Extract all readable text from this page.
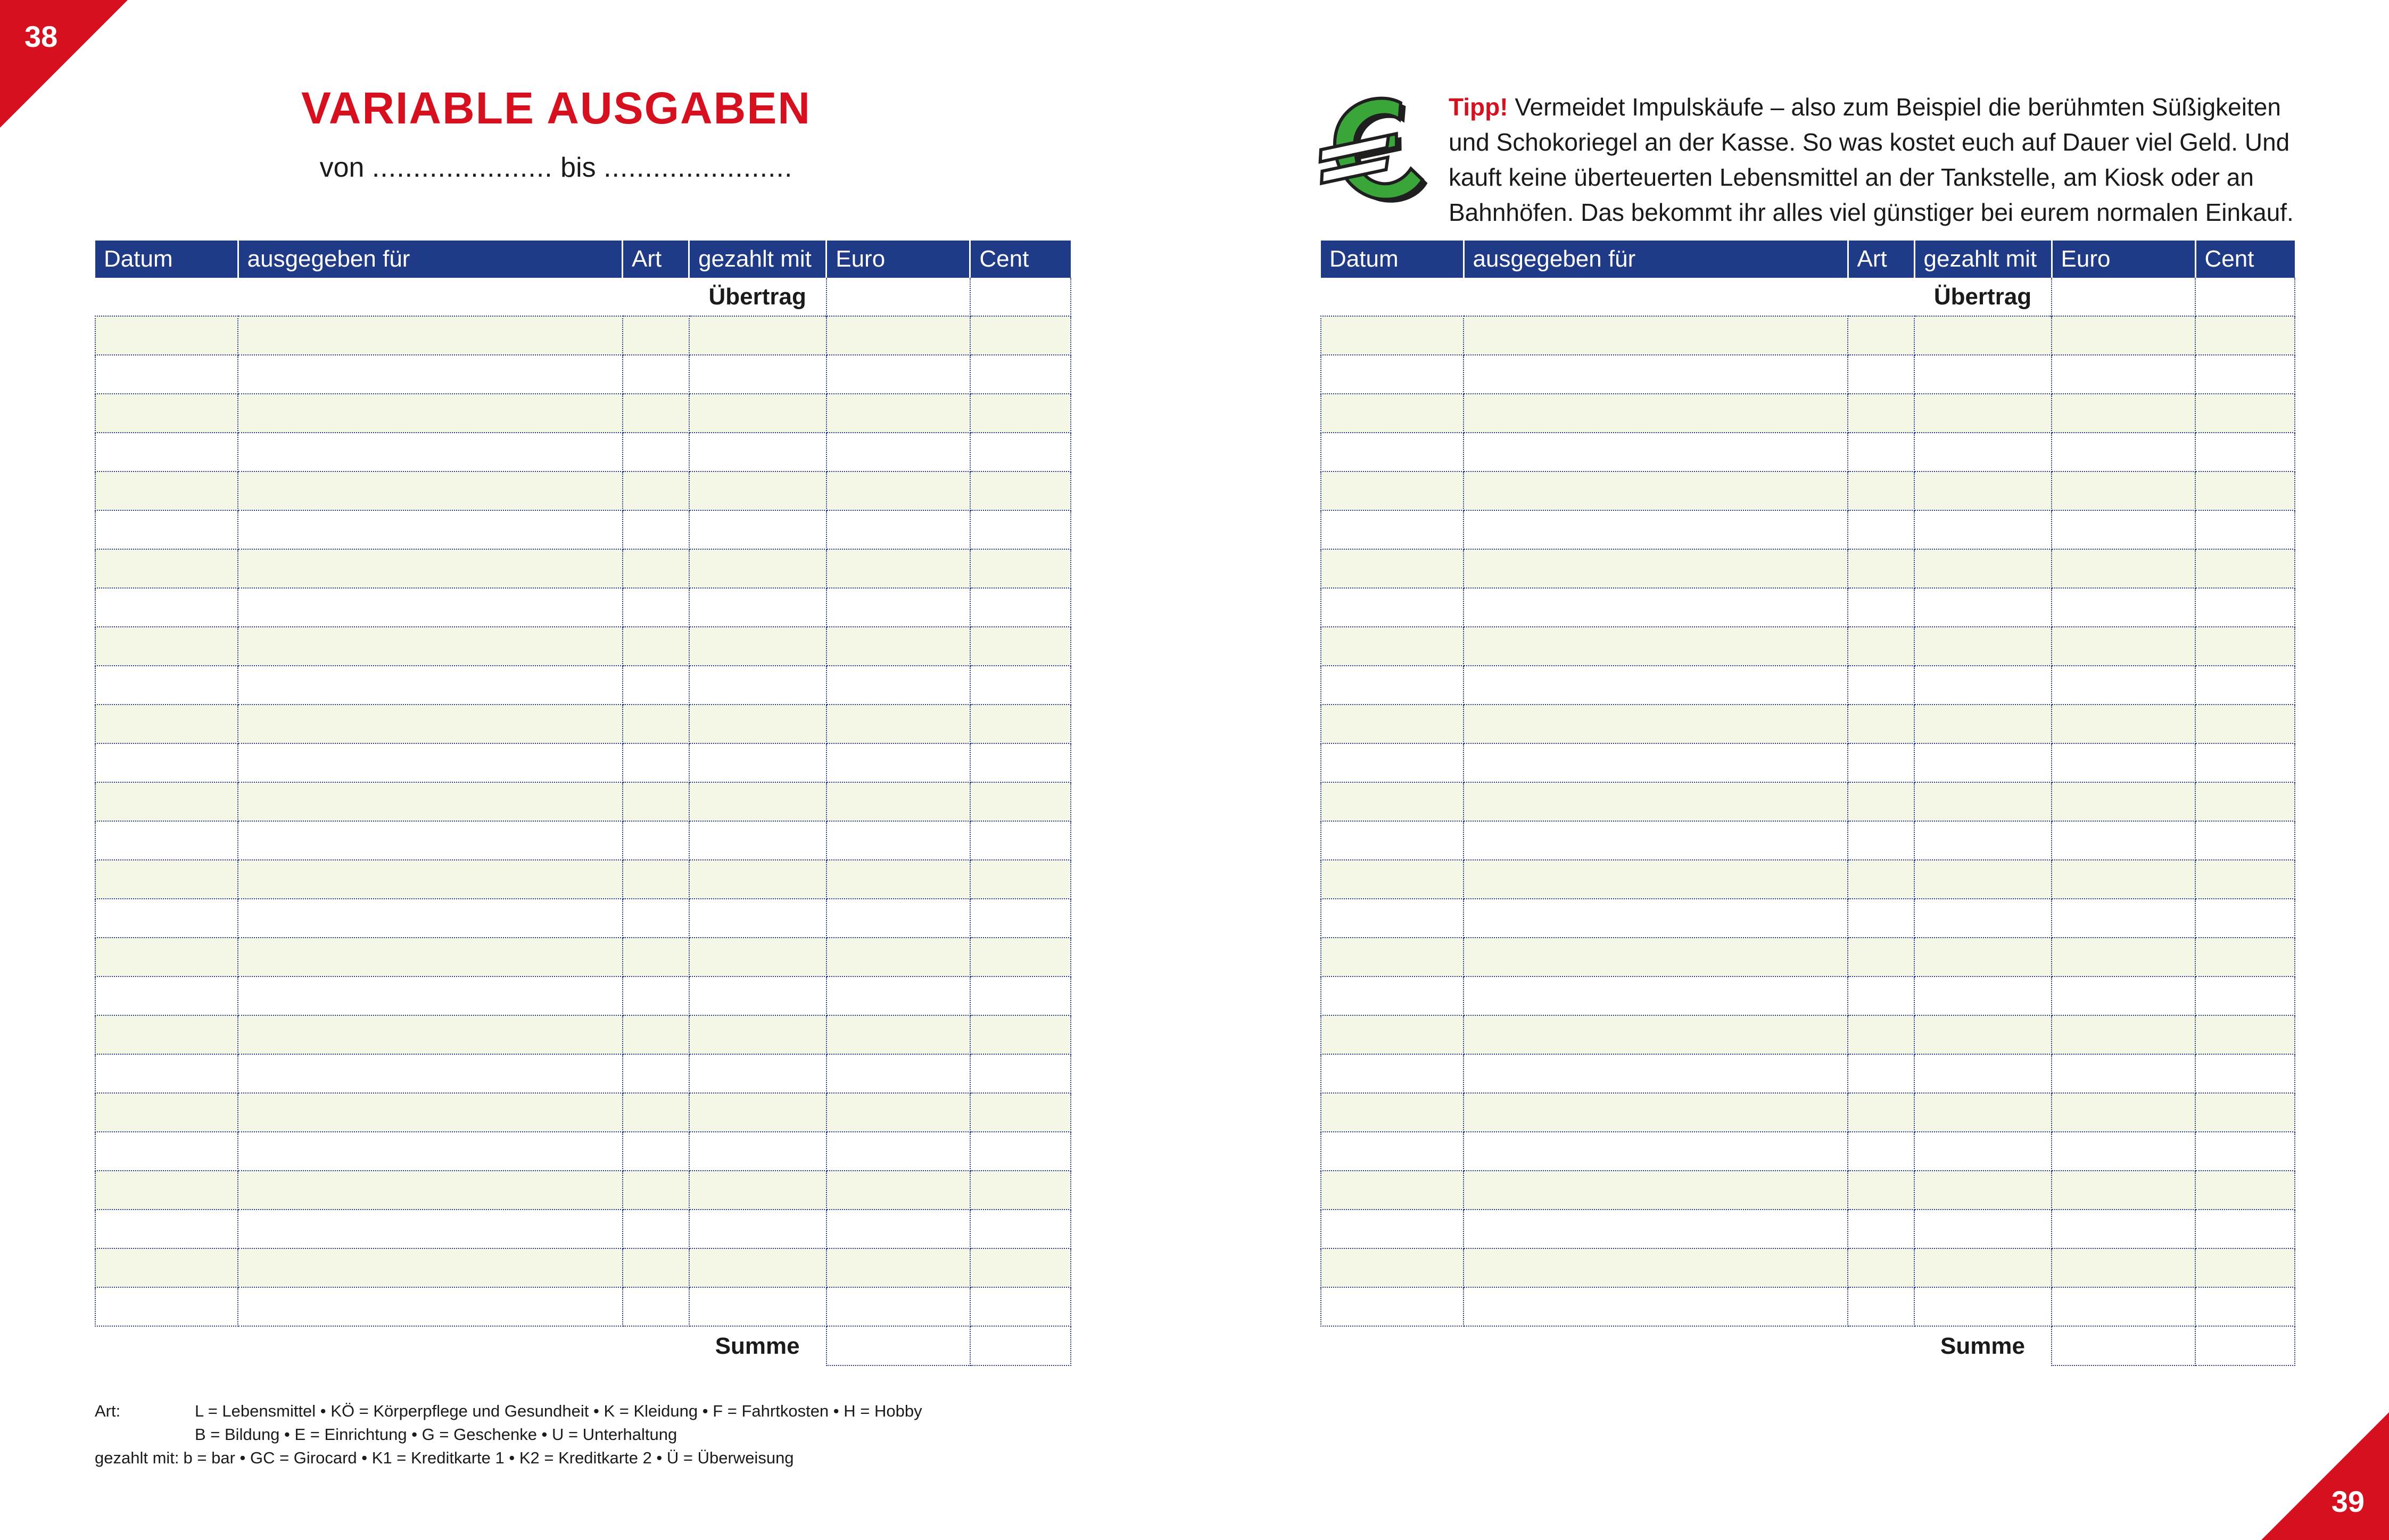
38
39
VARIABLE AUSGABEN
von ...................... bis .......................
Tipp! Vermeidet Impulskäufe – also zum Beispiel die berühmten Süßigkeiten und Schokoriegel an der Kasse. So was kostet euch auf Dauer viel Geld. Und kauft keine überteuerten Lebensmittel an der Tankstelle, am Kiosk oder an Bahnhöfen. Das bekommt ihr alles viel günstiger bei eurem normalen Einkauf.
Datum	ausgegeben für	Art	gezahlt mit	Euro	Cent
			Übertrag		

			Summe		
Datum	ausgegeben für	Art	gezahlt mit	Euro	Cent
			Übertrag		

			Summe		
Art:	L = Lebensmittel • KÖ = Körperpflege und Gesundheit • K = Kleidung • F = Fahrtkosten • H = Hobby
B = Bildung • E = Einrichtung • G = Geschenke • U = Unterhaltung
gezahlt mit: b = bar • GC = Girocard • K1 = Kreditkarte 1 • K2 = Kreditkarte 2 • Ü = Überweisung
